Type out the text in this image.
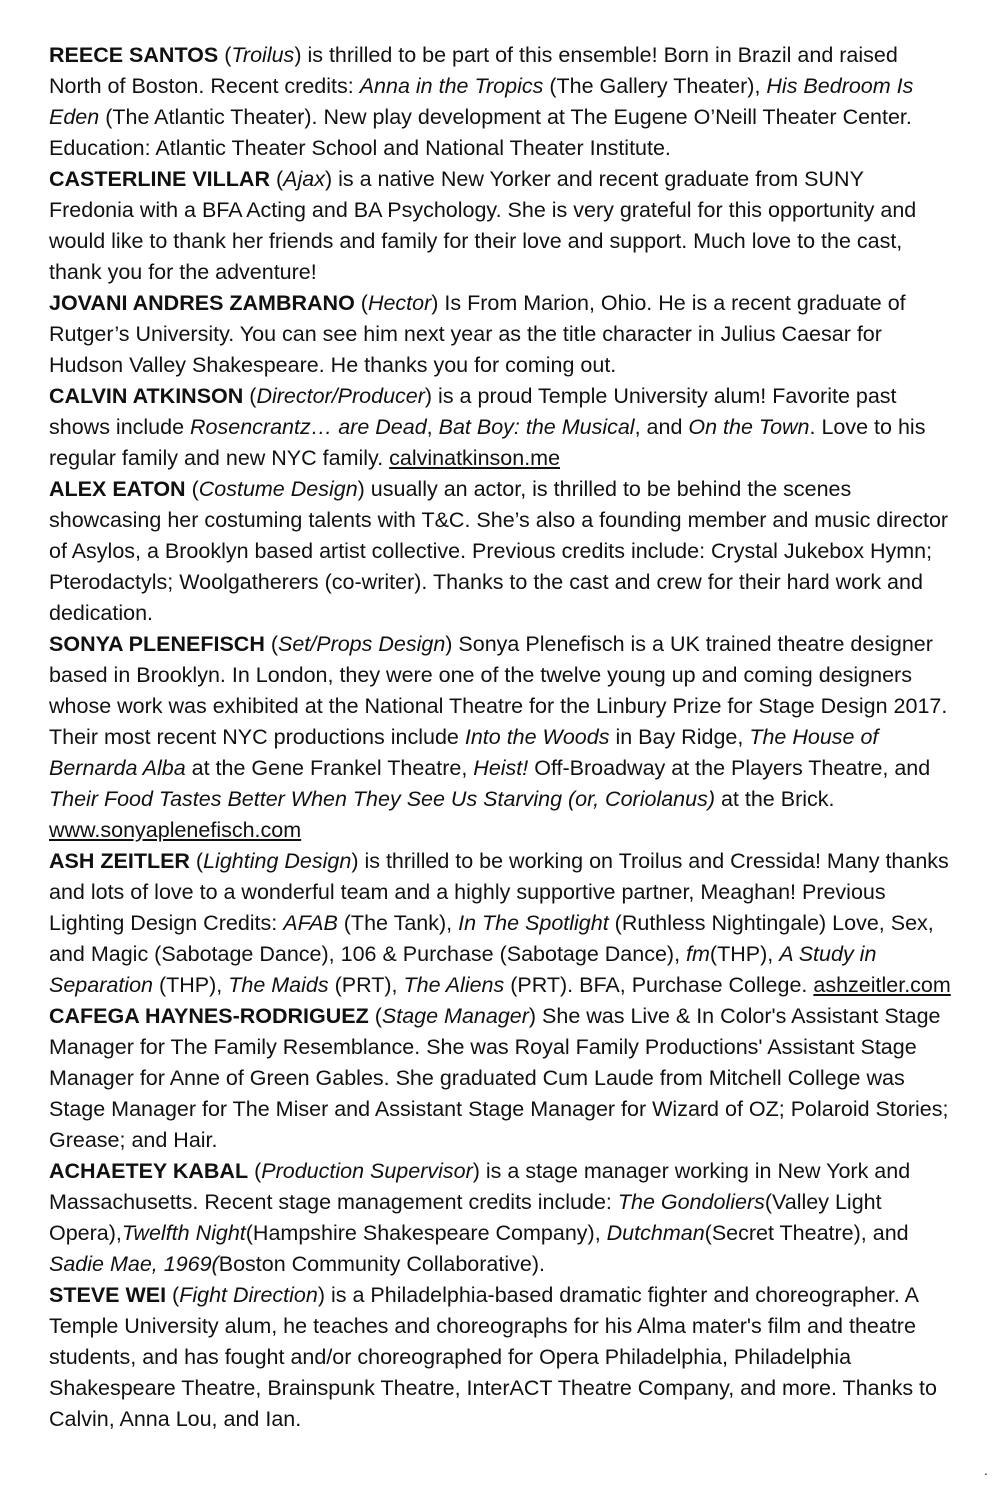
REECE SANTOS (Troilus) is thrilled to be part of this ensemble! Born in Brazil and raised North of Boston. Recent credits: Anna in the Tropics (The Gallery Theater), His Bedroom Is Eden (The Atlantic Theater). New play development at The Eugene O’Neill Theater Center. Education: Atlantic Theater School and National Theater Institute.

CASTERLINE VILLAR (Ajax) is a native New Yorker and recent graduate from SUNY Fredonia with a BFA Acting and BA Psychology. She is very grateful for this opportunity and would like to thank her friends and family for their love and support. Much love to the cast, thank you for the adventure!

JOVANI ANDRES ZAMBRANO (Hector) Is From Marion, Ohio. He is a recent graduate of Rutger’s University. You can see him next year as the title character in Julius Caesar for Hudson Valley Shakespeare. He thanks you for coming out.

CALVIN ATKINSON (Director/Producer) is a proud Temple University alum! Favorite past shows include Rosencrantz… are Dead, Bat Boy: the Musical, and On the Town. Love to his regular family and new NYC family. calvinatkinson.me

ALEX EATON (Costume Design) usually an actor, is thrilled to be behind the scenes showcasing her costuming talents with T&C. She’s also a founding member and music director of Asylos, a Brooklyn based artist collective. Previous credits include: Crystal Jukebox Hymn; Pterodactyls; Woolgatherers (co-writer). Thanks to the cast and crew for their hard work and dedication.

SONYA PLENEFISCH (Set/Props Design) Sonya Plenefisch is a UK trained theatre designer based in Brooklyn. In London, they were one of the twelve young up and coming designers whose work was exhibited at the National Theatre for the Linbury Prize for Stage Design 2017. Their most recent NYC productions include Into the Woods in Bay Ridge, The House of Bernarda Alba at the Gene Frankel Theatre, Heist! Off-Broadway at the Players Theatre, and Their Food Tastes Better When They See Us Starving (or, Coriolanus) at the Brick. www.sonyaplenefisch.com

ASH ZEITLER (Lighting Design) is thrilled to be working on Troilus and Cressida! Many thanks and lots of love to a wonderful team and a highly supportive partner, Meaghan! Previous Lighting Design Credits: AFAB (The Tank), In The Spotlight (Ruthless Nightingale) Love, Sex, and Magic (Sabotage Dance), 106 & Purchase (Sabotage Dance), fm(THP), A Study in Separation (THP), The Maids (PRT), The Aliens (PRT). BFA, Purchase College. ashzeitler.com

CAFEGA HAYNES-RODRIGUEZ (Stage Manager) She was Live & In Color's Assistant Stage Manager for The Family Resemblance. She was Royal Family Productions' Assistant Stage Manager for Anne of Green Gables. She graduated Cum Laude from Mitchell College was Stage Manager for The Miser and Assistant Stage Manager for Wizard of OZ; Polaroid Stories; Grease; and Hair.

ACHAETEY KABAL (Production Supervisor) is a stage manager working in New York and Massachusetts. Recent stage management credits include: The Gondoliers(Valley Light Opera),Twelfth Night(Hampshire Shakespeare Company), Dutchman(Secret Theatre), and Sadie Mae, 1969(Boston Community Collaborative).

STEVE WEI (Fight Direction) is a Philadelphia-based dramatic fighter and choreographer. A Temple University alum, he teaches and choreographs for his Alma mater's film and theatre students, and has fought and/or choreographed for Opera Philadelphia, Philadelphia Shakespeare Theatre, Brainspunk Theatre, InterACT Theatre Company, and more. Thanks to Calvin, Anna Lou, and Ian.

.
